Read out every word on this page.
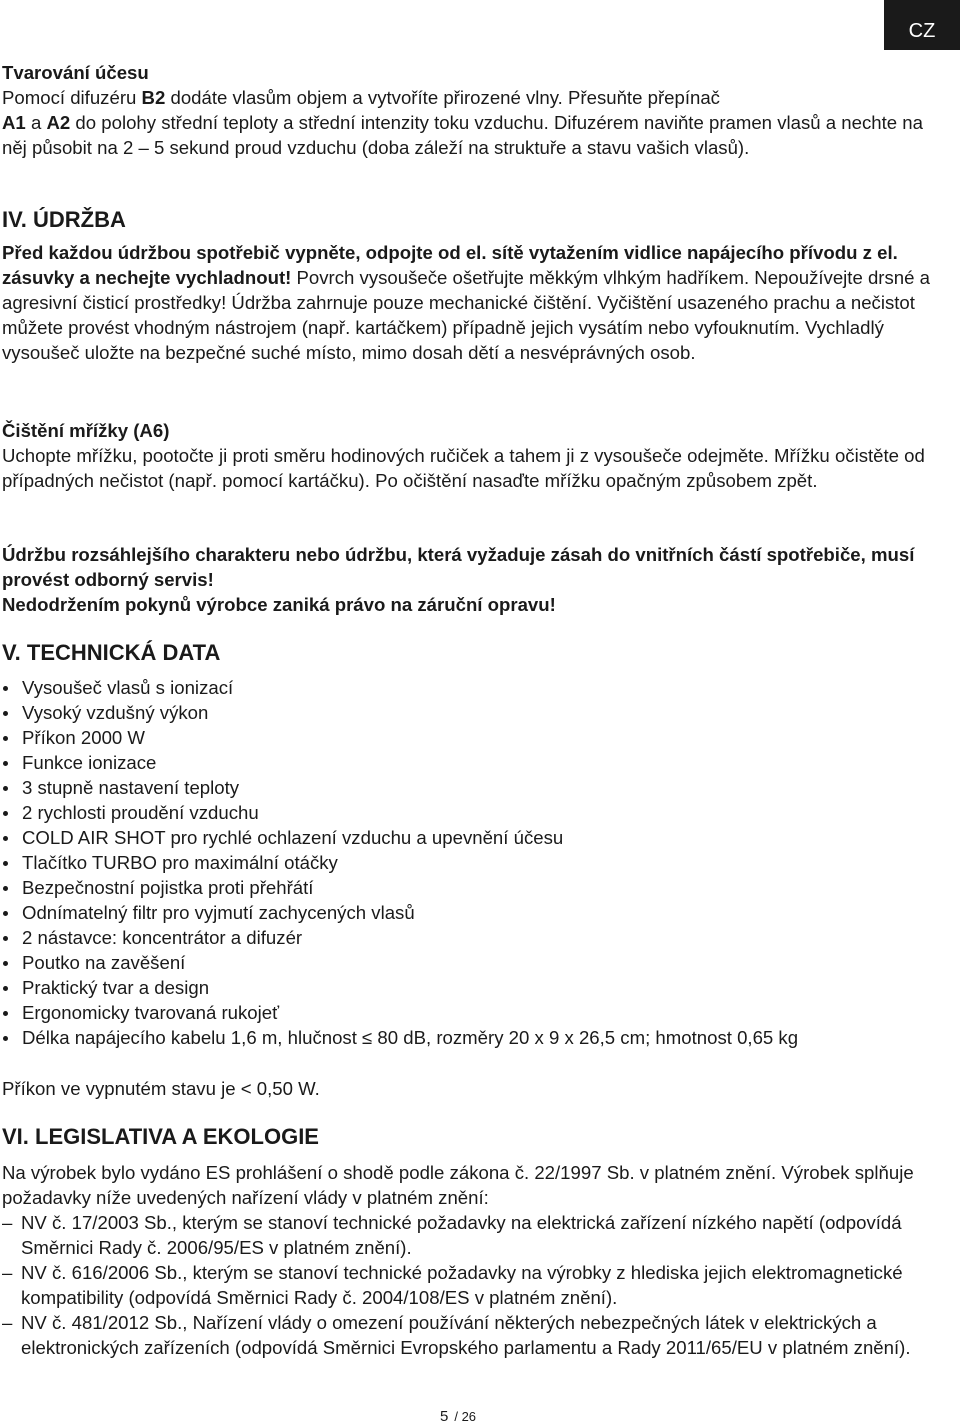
CZ

Tvarování účesu

Pomocí difuzéru B2 dodáte vlasům objem a vytvoříte přirozené vlny. Přesuňte přepínač
A1 a A2 do polohy střední teploty a střední intenzity toku vzduchu. Difuzérem naviňte pramen vlasů a nechte na něj působit na 2 – 5 sekund proud vzduchu (doba záleží na struktuře a stavu vašich vlasů).

IV. ÚDRŽBA

Před každou údržbou spotřebič vypněte, odpojte od el. sítě vytažením vidlice napájecího přívodu z el. zásuvky a nechejte vychladnout! Povrch vysoušeče ošetřujte měkkým vlhkým hadříkem. Nepoužívejte drsné a agresivní čisticí prostředky! Údržba zahrnuje pouze mechanické čištění. Vyčištění usazeného prachu a nečistot můžete provést vhodným nástrojem (např. kartáčkem) případně jejich vysátím nebo vyfouknutím. Vychladlý vysoušeč uložte na bezpečné suché místo, mimo dosah dětí a nesvéprávných osob.

Čištění mřížky (A6)

Uchopte mřížku, pootočte ji proti směru hodinových ručiček a tahem ji z vysoušeče odejměte. Mřížku očistěte od případných nečistot (např. pomocí kartáčku). Po očištění nasaďte mřížku opačným způsobem zpět.

Údržbu rozsáhlejšího charakteru nebo údržbu, která vyžaduje zásah do vnitřních částí spotřebiče, musí provést odborný servis!

Nedodržením pokynů výrobce zaniká právo na záruční opravu!

V. TECHNICKÁ DATA
Vysoušeč vlasů s ionizací
Vysoký vzdušný výkon
Příkon 2000 W
Funkce ionizace
3 stupně nastavení teploty
2 rychlosti proudění vzduchu
COLD AIR SHOT pro rychlé ochlazení vzduchu a upevnění účesu
Tlačítko TURBO pro maximální otáčky
Bezpečnostní pojistka proti přehřátí
Odnímatelný filtr pro vyjmutí zachycených vlasů
2 nástavce: koncentrátor a difuzér
Poutko na zavěšení
Praktický tvar a design
Ergonomicky tvarovaná rukojeť
Délka napájecího kabelu 1,6 m, hlučnost ≤ 80 dB, rozměry 20 x 9 x 26,5 cm; hmotnost 0,65 kg

Příkon ve vypnutém stavu je < 0,50 W.

VI. LEGISLATIVA A EKOLOGIE

Na výrobek bylo vydáno ES prohlášení o shodě podle zákona č. 22/1997 Sb. v platném znění. Výrobek splňuje požadavky níže uvedených nařízení vlády v platném znění:

– NV č. 17/2003 Sb., kterým se stanoví technické požadavky na elektrická zařízení nízkého napětí (odpovídá Směrnici Rady č. 2006/95/ES v platném znění).

– NV č. 616/2006 Sb., kterým se stanoví technické požadavky na výrobky z hlediska jejich elektromagnetické kompatibility (odpovídá Směrnici Rady č. 2004/108/ES v platném znění).

– NV č. 481/2012 Sb., Nařízení vlády o omezení používání některých nebezpečných látek v elektrických a elektronických zařízeních (odpovídá Směrnici Evropského parlamentu a Rady 2011/65/EU v platném znění).

5 / 26
